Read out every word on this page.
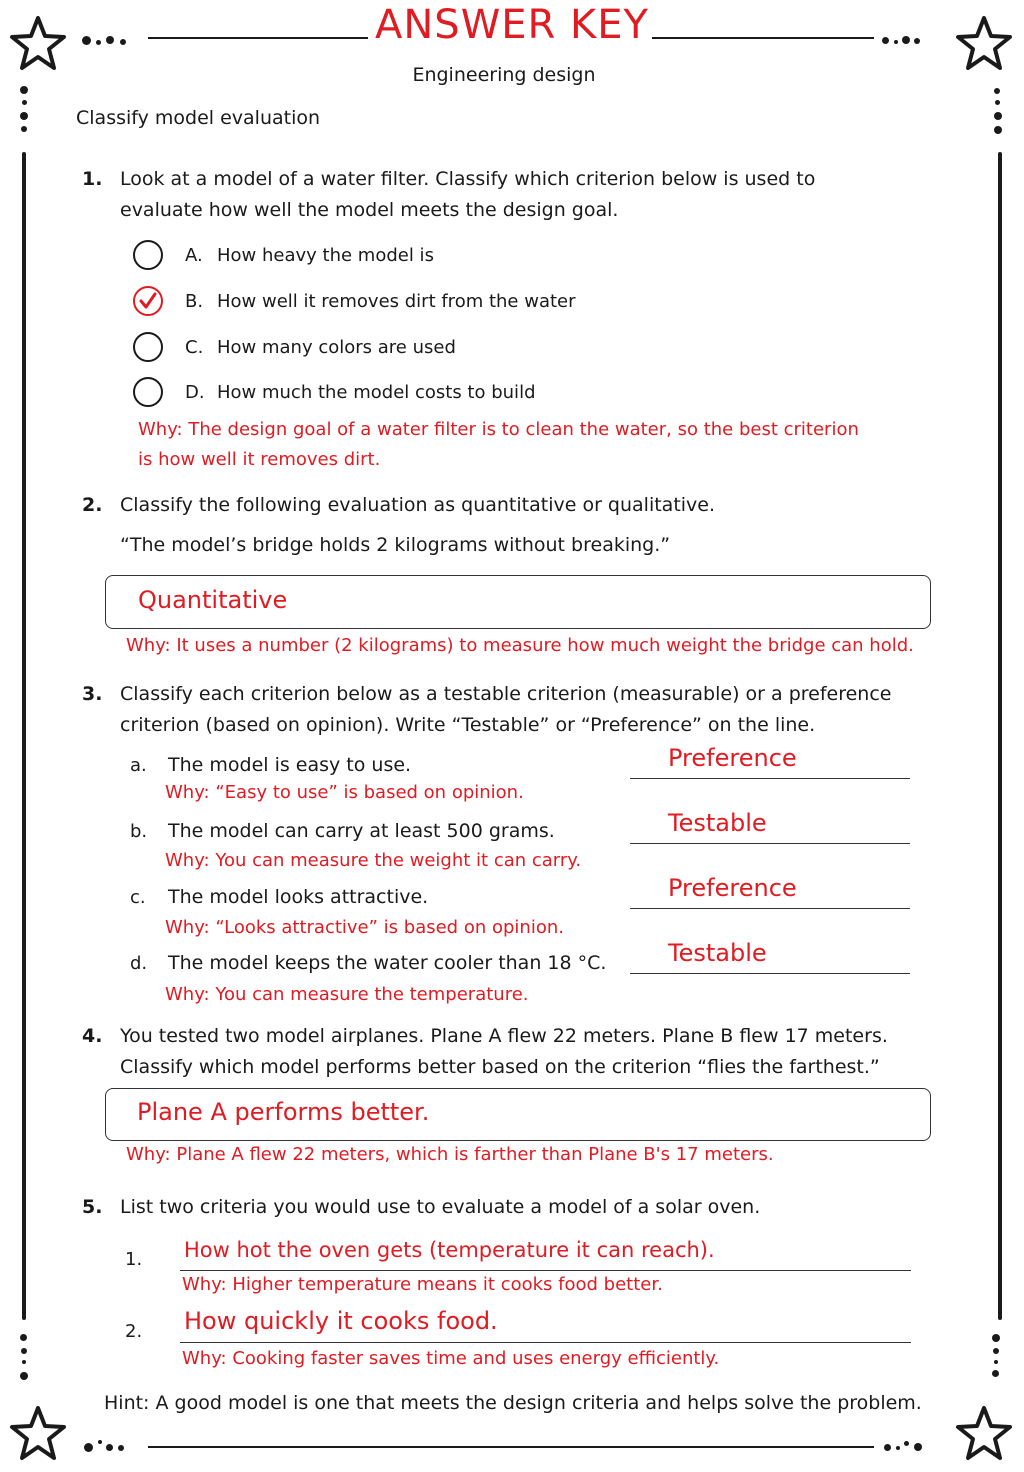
ANSWER KEY
Engineering design
Classify model evaluation
1. Look at a model of a water filter. Classify which criterion below is used to
evaluate how well the model meets the design goal.
A. How heavy the model is
B. How well it removes dirt from the water
C. How many colors are used
D. How much the model costs to build
Why: The design goal of a water filter is to clean the water, so the best criterion
is how well it removes dirt.
2. Classify the following evaluation as quantitative or qualitative.
“The model’s bridge holds 2 kilograms without breaking.”
Quantitative
Why: It uses a number (2 kilograms) to measure how much weight the bridge can hold.
3. Classify each criterion below as a testable criterion (measurable) or a preference
criterion (based on opinion). Write “Testable” or “Preference” on the line.
a. The model is easy to use.
Why: “Easy to use” is based on opinion.
Preference
b. The model can carry at least 500 grams.
Why: You can measure the weight it can carry.
Testable
c. The model looks attractive.
Why: “Looks attractive” is based on opinion.
Preference
d. The model keeps the water cooler than 18 °C.
Why: You can measure the temperature.
Testable
4. You tested two model airplanes. Plane A flew 22 meters. Plane B flew 17 meters.
Classify which model performs better based on the criterion “flies the farthest.”
Plane A performs better.
Why: Plane A flew 22 meters, which is farther than Plane B's 17 meters.
5. List two criteria you would use to evaluate a model of a solar oven.
1. How hot the oven gets (temperature it can reach).
Why: Higher temperature means it cooks food better.
2. How quickly it cooks food.
Why: Cooking faster saves time and uses energy efficiently.
Hint: A good model is one that meets the design criteria and helps solve the problem.
